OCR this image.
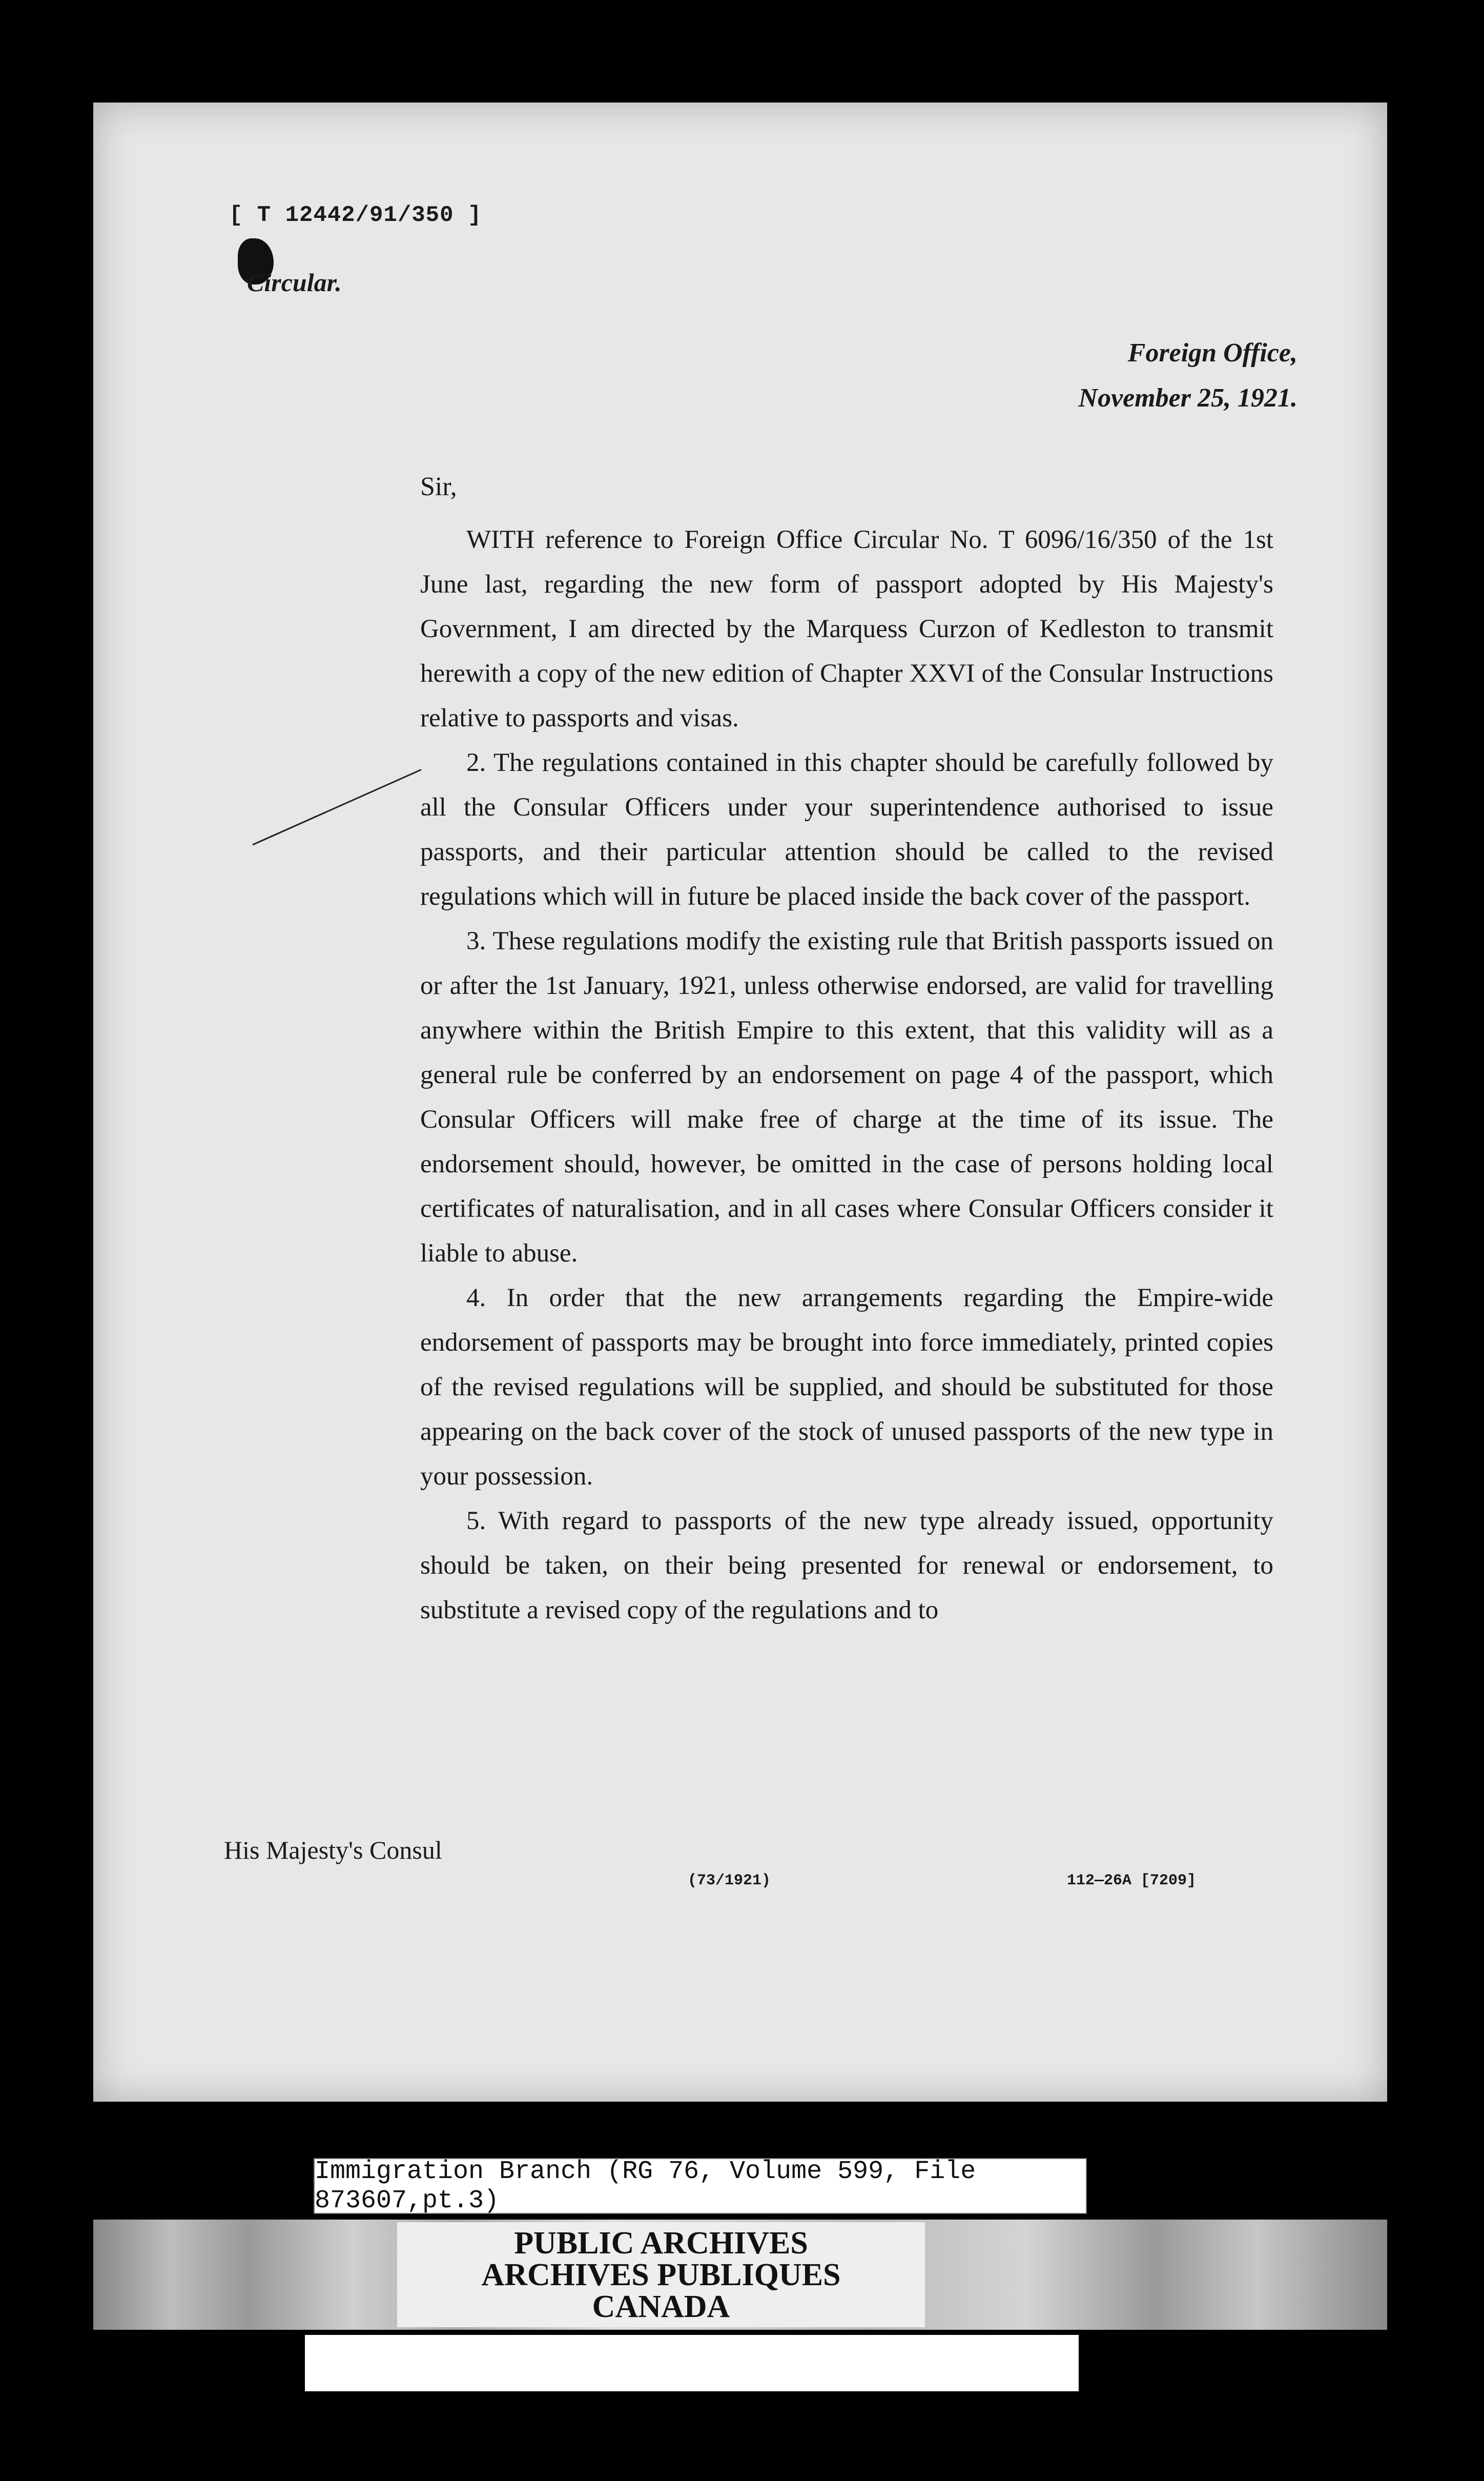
[ T 12442/91/350 ]
Circular.
Foreign Office,
November 25, 1921.
Sir,

WITH reference to Foreign Office Circular No. T 6096/16/350 of the 1st June last, regarding the new form of passport adopted by His Majesty's Government, I am directed by the Marquess Curzon of Kedleston to transmit herewith a copy of the new edition of Chapter XXVI of the Consular Instructions relative to passports and visas.

2. The regulations contained in this chapter should be carefully followed by all the Consular Officers under your superintendence authorised to issue passports, and their particular attention should be called to the revised regulations which will in future be placed inside the back cover of the passport.

3. These regulations modify the existing rule that British passports issued on or after the 1st January, 1921, unless otherwise endorsed, are valid for travelling anywhere within the British Empire to this extent, that this validity will as a general rule be conferred by an endorsement on page 4 of the passport, which Consular Officers will make free of charge at the time of its issue. The endorsement should, however, be omitted in the case of persons holding local certificates of naturalisation, and in all cases where Consular Officers consider it liable to abuse.

4. In order that the new arrangements regarding the Empire-wide endorsement of passports may be brought into force immediately, printed copies of the revised regulations will be supplied, and should be substituted for those appearing on the back cover of the stock of unused passports of the new type in your possession.

5. With regard to passports of the new type already issued, opportunity should be taken, on their being presented for renewal or endorsement, to substitute a revised copy of the regulations and to

His Majesty's Consul
(73/1921)	112—26A [7209]
Immigration Branch (RG 76, Volume 599, File 873607,pt.3)
PUBLIC ARCHIVES
ARCHIVES PUBLIQUES
CANADA
